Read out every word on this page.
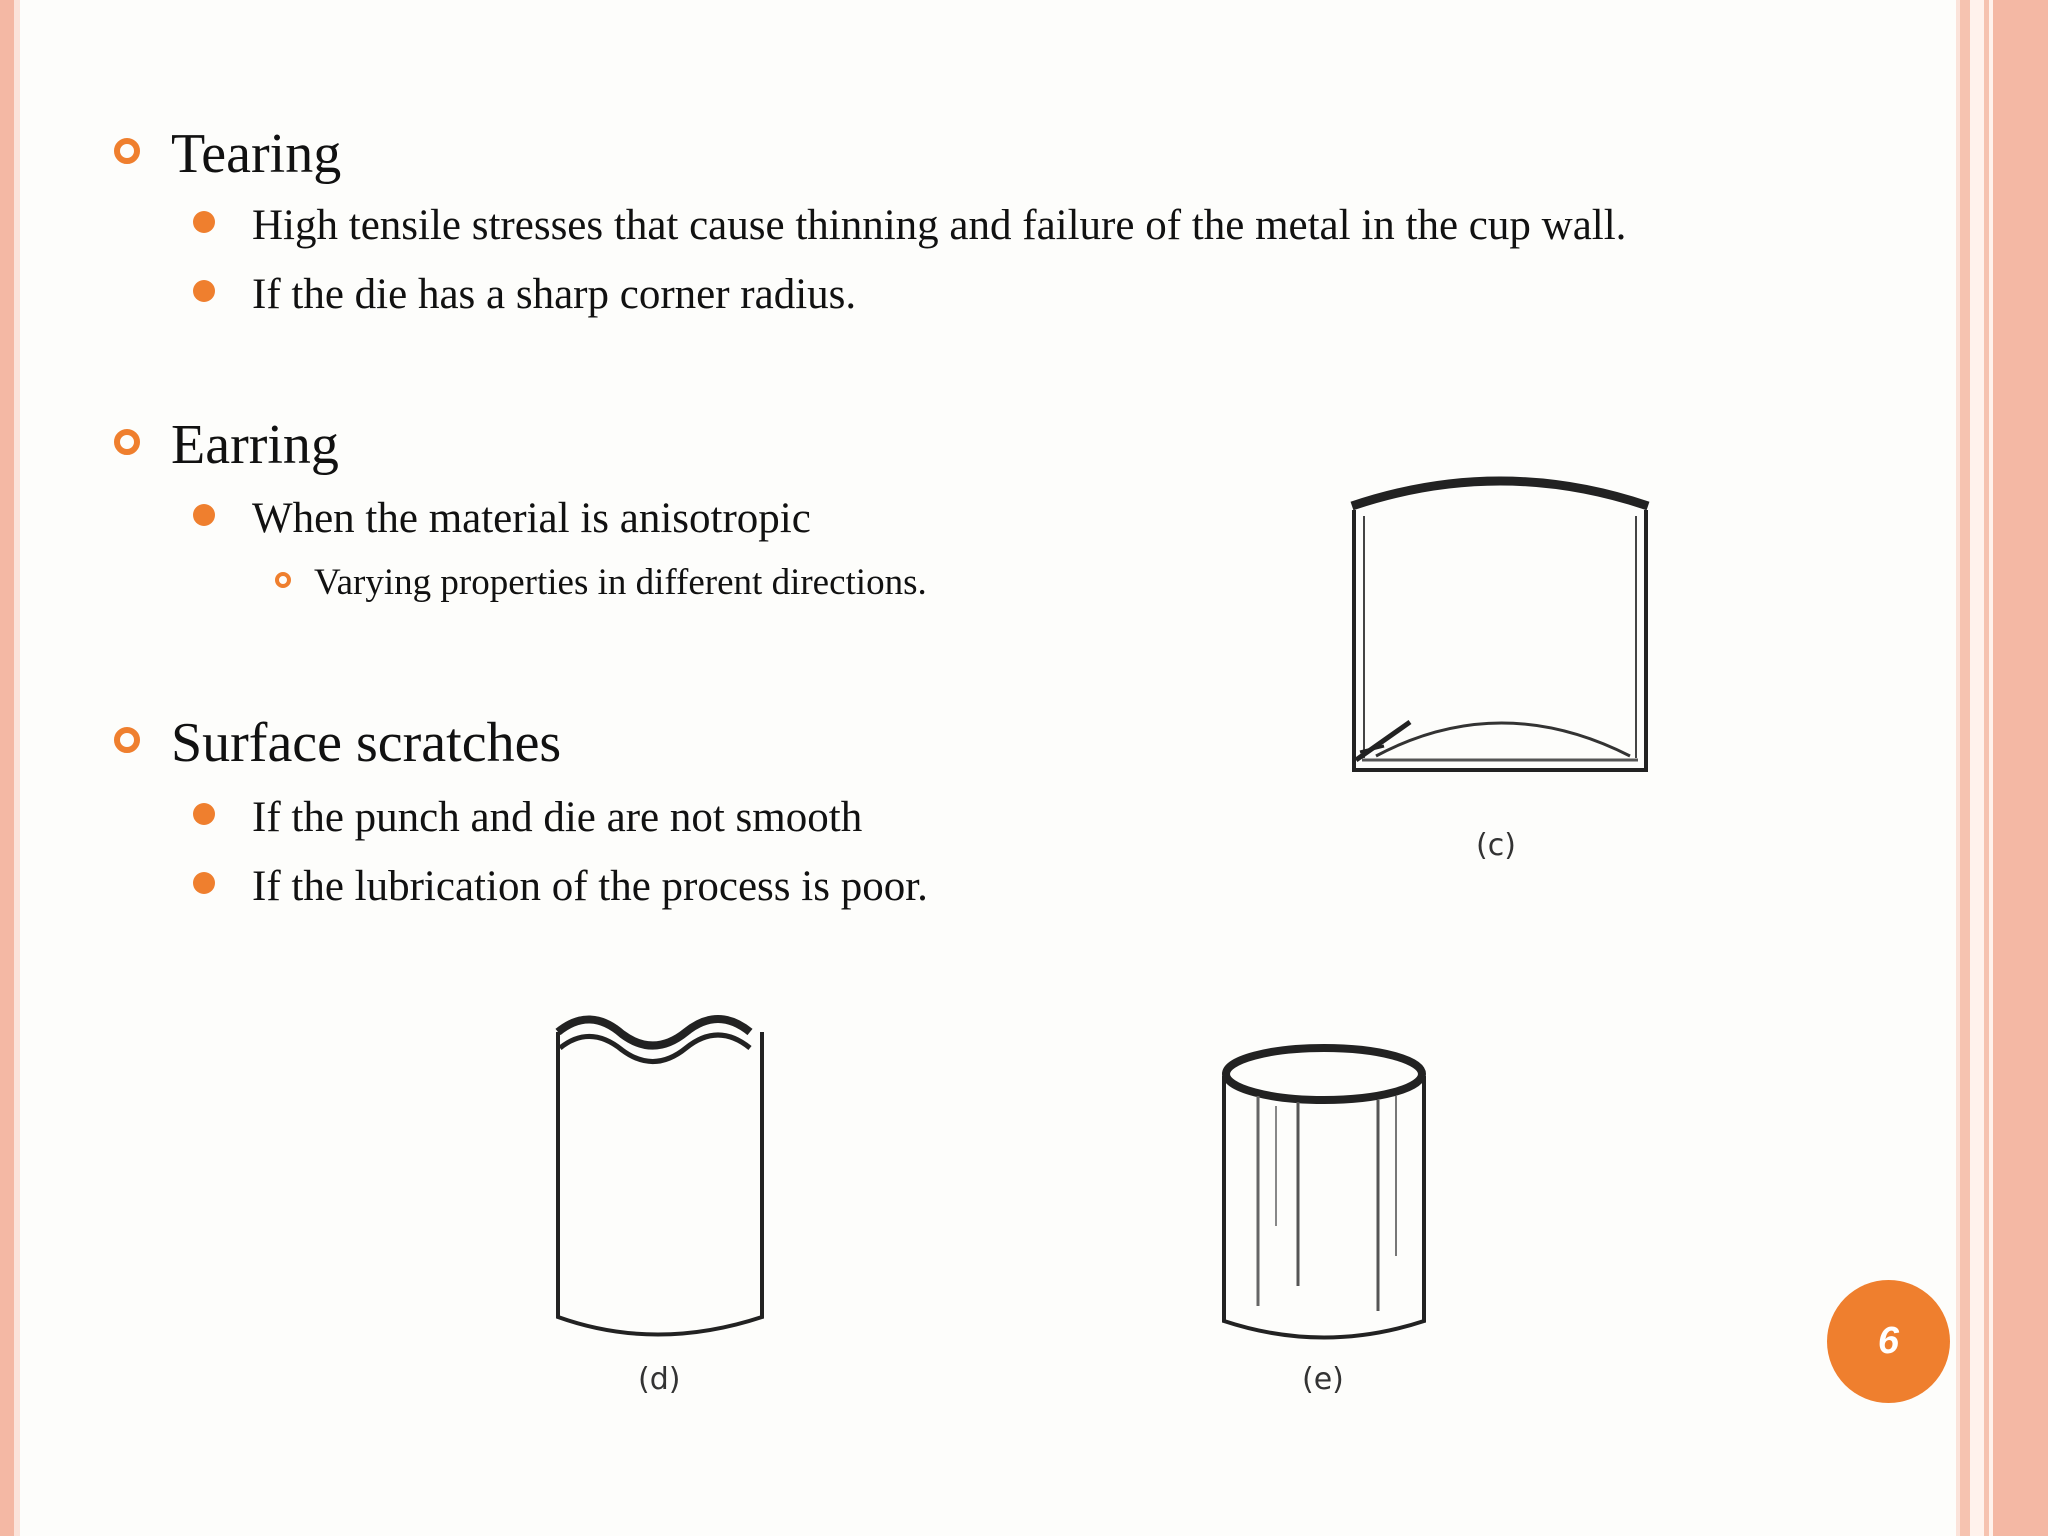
Tearing
High tensile stresses that cause thinning and failure of the metal in the cup wall.
If the die has a sharp corner radius.
Earring
When the material is anisotropic
Varying properties in different directions.
Surface scratches
If the punch and die are not smooth
If the lubrication of the process is poor.
(c)
(d)	(e)
6
